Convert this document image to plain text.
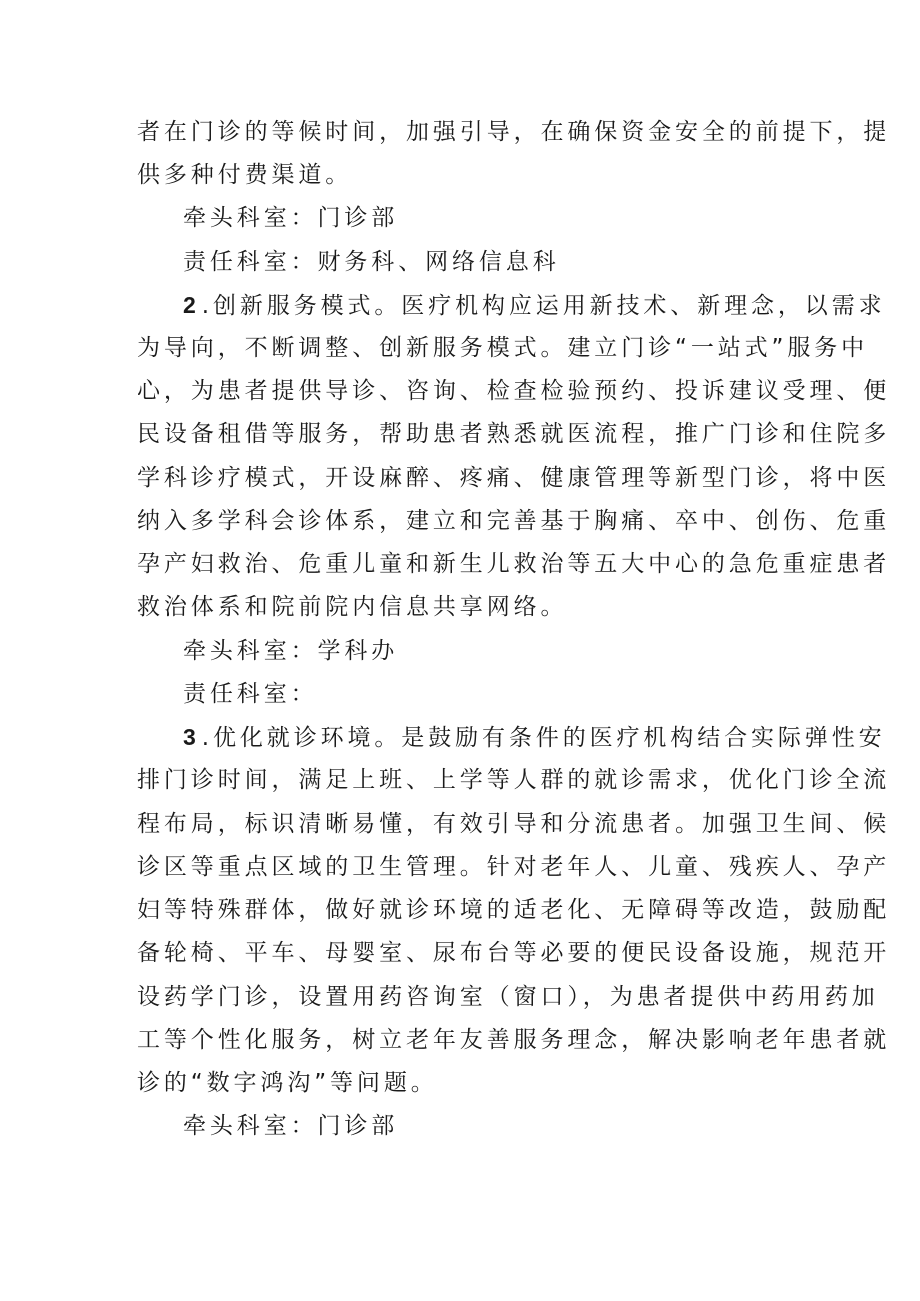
者在门诊的等候时间，加强引导，在确保资金安全的前提下，提
供多种付费渠道。
牵头科室：门诊部
责任科室：财务科、网络信息科
2 .创新服务模式。医疗机构应运用新技术、新理念，以需求
为导向，不断调整、创新服务模式。建立门诊“一站式”服务中
心，为患者提供导诊、咨询、检查检验预约、投诉建议受理、便
民设备租借等服务，帮助患者熟悉就医流程，推广门诊和住院多
学科诊疗模式，开设麻醉、疼痛、健康管理等新型门诊，将中医
纳入多学科会诊体系，建立和完善基于胸痛、卒中、创伤、危重
孕产妇救治、危重儿童和新生儿救治等五大中心的急危重症患者
救治体系和院前院内信息共享网络。
牵头科室：学科办
责任科室：
3 .优化就诊环境。是鼓励有条件的医疗机构结合实际弹性安
排门诊时间，满足上班、上学等人群的就诊需求，优化门诊全流
程布局，标识清晰易懂，有效引导和分流患者。加强卫生间、候
诊区等重点区域的卫生管理。针对老年人、儿童、残疾人、孕产
妇等特殊群体，做好就诊环境的适老化、无障碍等改造，鼓励配
备轮椅、平车、母婴室、尿布台等必要的便民设备设施，规范开
设药学门诊，设置用药咨询室（窗口），为患者提供中药用药加
工等个性化服务，树立老年友善服务理念，解决影响老年患者就
诊的“数字鸿沟”等问题。
牵头科室：门诊部
